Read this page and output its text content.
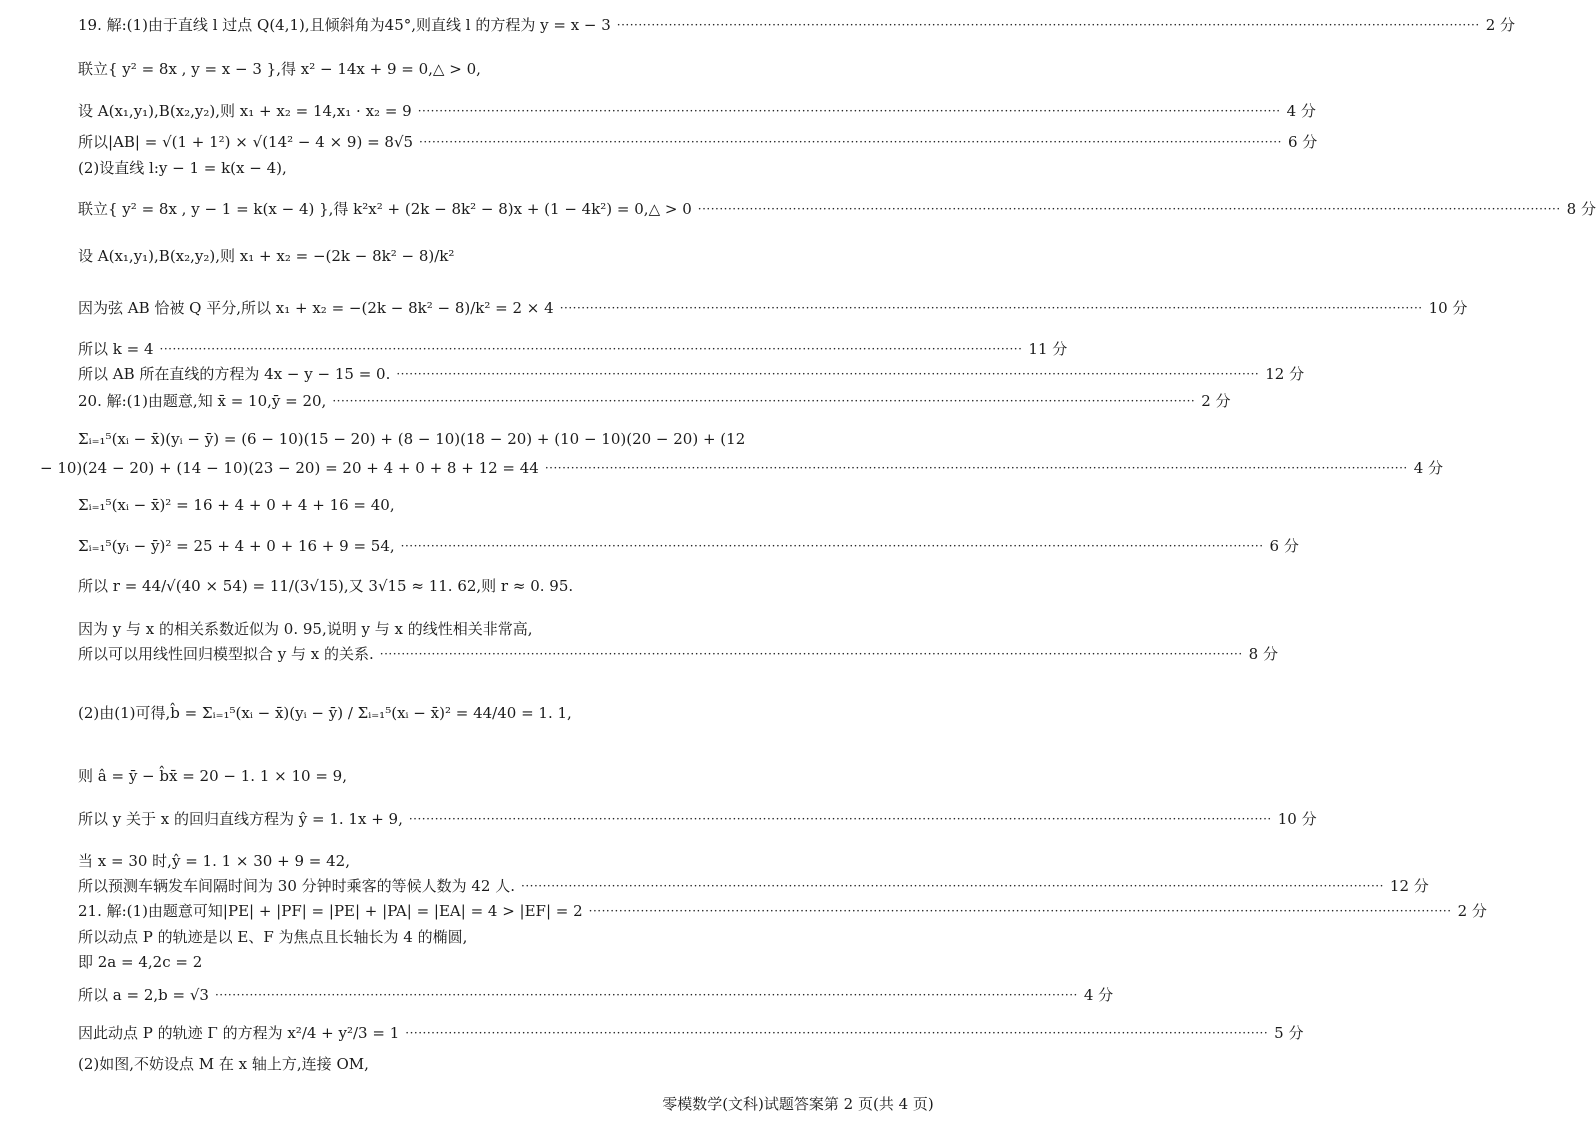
19. 解:(1)由于直线 l 过点 Q(4,1),且倾斜角为45°,则直线 l 的方程为 y = x − 3 ········································································································································································································ 2 分
联立{ y² = 8x , y = x − 3 },得 x² − 14x + 9 = 0,△ > 0,
设 A(x₁,y₁),B(x₂,y₂),则 x₁ + x₂ = 14,x₁ · x₂ = 9 ········································································································································································································ 4 分
所以|AB| = √(1 + 1²) × √(14² − 4 × 9) = 8√5 ········································································································································································································ 6 分
(2)设直线 l:y − 1 = k(x − 4),
联立{ y² = 8x , y − 1 = k(x − 4) },得 k²x² + (2k − 8k² − 8)x + (1 − 4k²) = 0,△ > 0 ········································································································································································································ 8 分
设 A(x₁,y₁),B(x₂,y₂),则 x₁ + x₂ = −(2k − 8k² − 8)/k²
因为弦 AB 恰被 Q 平分,所以 x₁ + x₂ = −(2k − 8k² − 8)/k² = 2 × 4 ········································································································································································································ 10 分
所以 k = 4 ········································································································································································································ 11 分
所以 AB 所在直线的方程为 4x − y − 15 = 0. ········································································································································································································ 12 分
20. 解:(1)由题意,知 x̄ = 10,ȳ = 20, ········································································································································································································ 2 分
Σᵢ₌₁⁵(xᵢ − x̄)(yᵢ − ȳ) = (6 − 10)(15 − 20) + (8 − 10)(18 − 20) + (10 − 10)(20 − 20) + (12
− 10)(24 − 20) + (14 − 10)(23 − 20) = 20 + 4 + 0 + 8 + 12 = 44 ········································································································································································································ 4 分
Σᵢ₌₁⁵(xᵢ − x̄)² = 16 + 4 + 0 + 4 + 16 = 40,
Σᵢ₌₁⁵(yᵢ − ȳ)² = 25 + 4 + 0 + 16 + 9 = 54, ········································································································································································································ 6 分
所以 r = 44/√(40 × 54) = 11/(3√15),又 3√15 ≈ 11. 62,则 r ≈ 0. 95.
因为 y 与 x 的相关系数近似为 0. 95,说明 y 与 x 的线性相关非常高,
所以可以用线性回归模型拟合 y 与 x 的关系. ········································································································································································································ 8 分
(2)由(1)可得,b̂ = Σᵢ₌₁⁵(xᵢ − x̄)(yᵢ − ȳ) / Σᵢ₌₁⁵(xᵢ − x̄)² = 44/40 = 1. 1,
则 â = ȳ − b̂x̄ = 20 − 1. 1 × 10 = 9,
所以 y 关于 x 的回归直线方程为 ŷ = 1. 1x + 9, ········································································································································································································ 10 分
当 x = 30 时,ŷ = 1. 1 × 30 + 9 = 42,
所以预测车辆发车间隔时间为 30 分钟时乘客的等候人数为 42 人. ········································································································································································································ 12 分
21. 解:(1)由题意可知|PE| + |PF| = |PE| + |PA| = |EA| = 4 > |EF| = 2 ········································································································································································································ 2 分
所以动点 P 的轨迹是以 E、F 为焦点且长轴长为 4 的椭圆,
即 2a = 4,2c = 2
所以 a = 2,b = √3 ········································································································································································································ 4 分
因此动点 P 的轨迹 Γ 的方程为 x²/4 + y²/3 = 1 ········································································································································································································ 5 分
(2)如图,不妨设点 M 在 x 轴上方,连接 OM,
零模数学(文科)试题答案第 2 页(共 4 页)
